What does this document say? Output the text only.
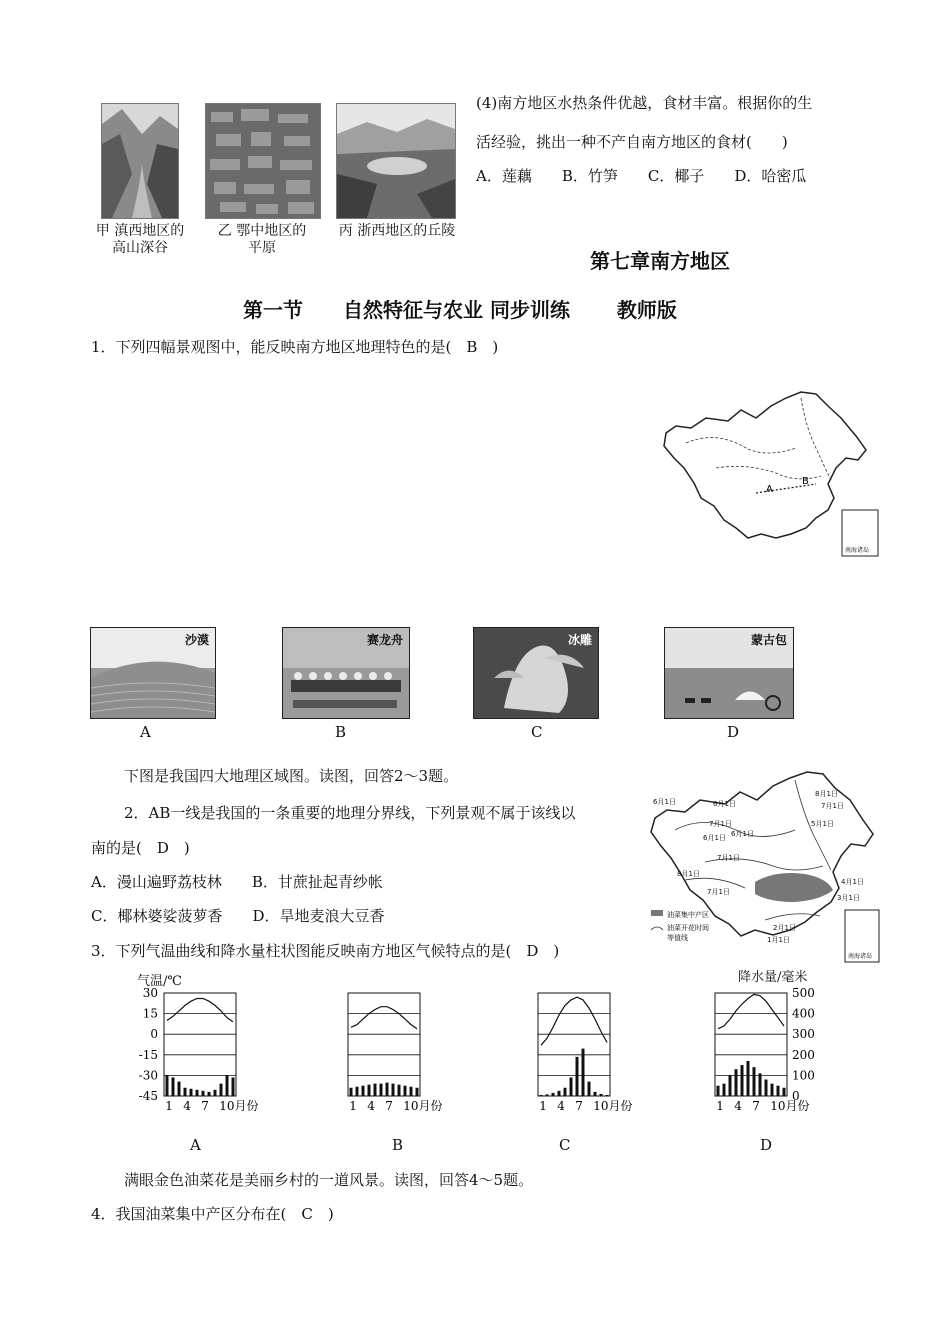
甲 滇西地区的
高山深谷
乙 鄂中地区的
平原
丙 浙西地区的丘陵
(4)南方地区水热条件优越，食材丰富。根据你的生
活经验，挑出一种不产自南方地区的食材(　　)
A．莲藕　　B．竹笋　　C．椰子　　D．哈密瓜
第七章南方地区
第一节　　自然特征与农业 同步训练　　 教师版
1．下列四幅景观图中，能反映南方地区地理特色的是(　B　)
A
B
南海诸岛
沙漠	赛龙舟	冰雕	蒙古包
A	B	C	D
下图是我国四大地理区域图。读图，回答2～3题。
2．AB一线是我国的一条重要的地理分界线，下列景观不属于该线以
南的是(　D　)
A．漫山遍野荔枝林　　B．甘蔗扯起青纱帐
C．椰林婆娑菠萝香　　D．旱地麦浪大豆香
6月1日	6月1日
7月1日
8月1日
7月1日
6月1日 6月1日
7月1日
8月1日
7月1日
5月1日
4月1日
3月1日
2月1日
1月1日
油菜集中产区
油菜开花时间
等值线
南海诸岛
3．下列气温曲线和降水量柱状图能反映南方地区气候特点的是(　D　)
气温/℃	降水量/毫米
1 4 7 10月份	1 4 7 10月份	1 4 7 10月份	1 4 7 10月份
30
15
0
-15
-30
-45
500
400
300
200
100
0
A	B	C	D
满眼金色油菜花是美丽乡村的一道风景。读图，回答4～5题。
4．我国油菜集中产区分布在(　C　)
